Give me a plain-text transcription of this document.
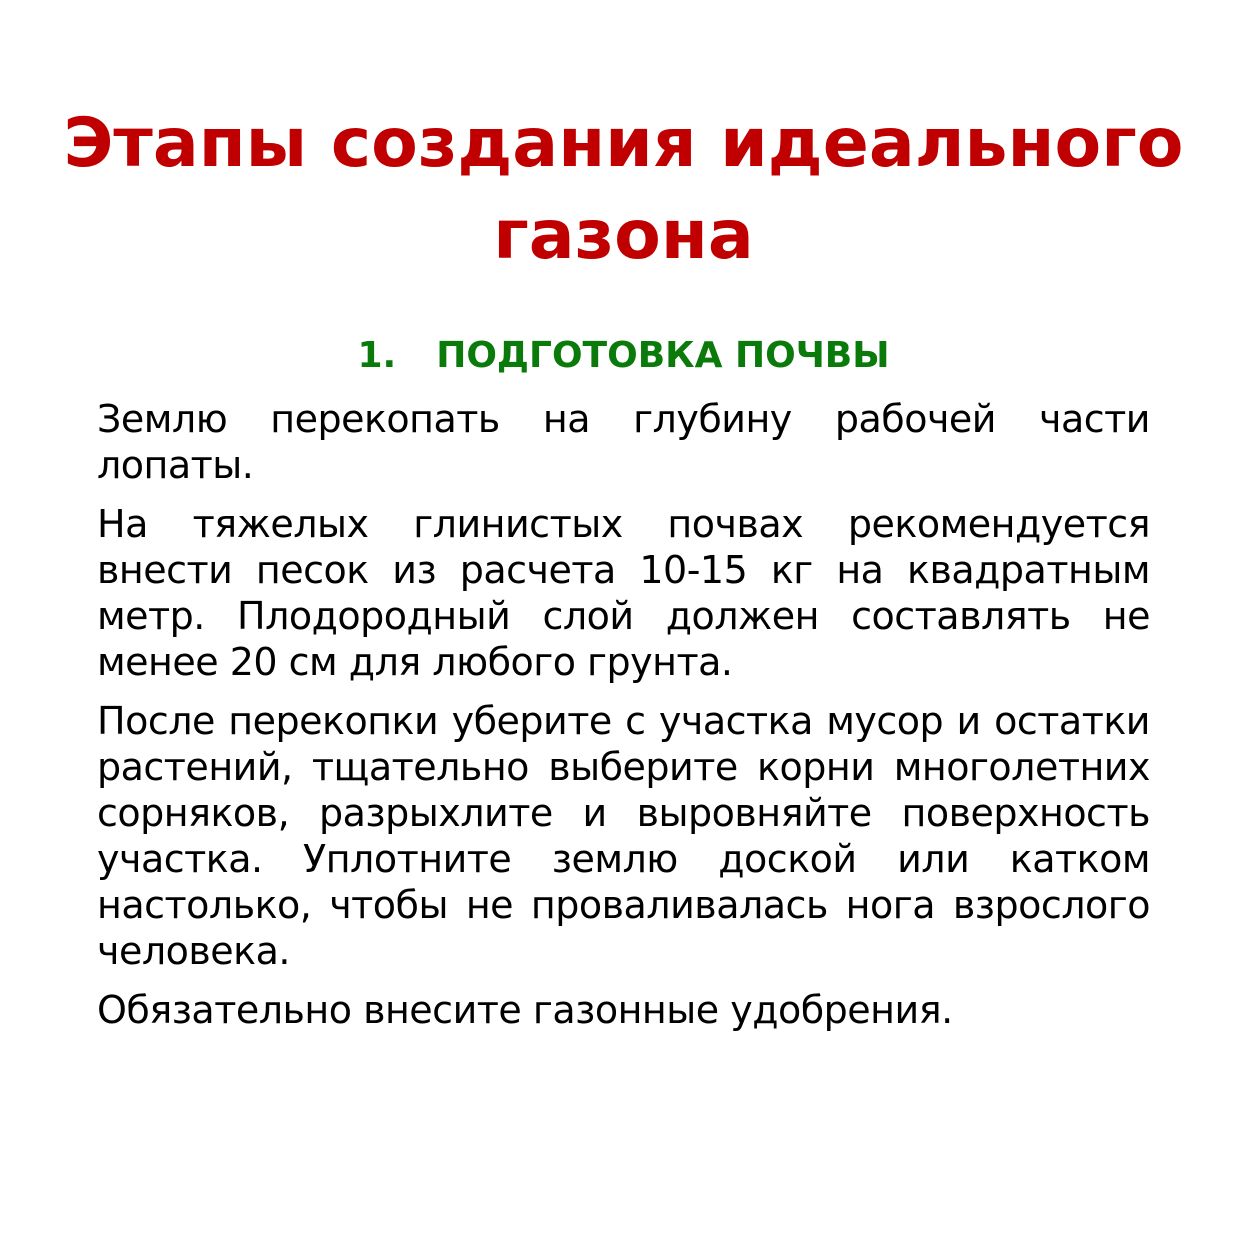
Этапы создания идеального газона
1. ПОДГОТОВКА ПОЧВЫ

Землю перекопать на глубину рабочей части лопаты.

На тяжелых глинистых почвах рекомендуется внести песок из расчета 10-15 кг на квадратным метр. Плодородный слой должен составлять не менее 20 см для любого грунта.

После перекопки уберите с участка мусор и остатки растений, тщательно выберите корни многолетних сорняков, разрыхлите и выровняйте поверхность участка. Уплотните землю доской или катком настолько, чтобы не проваливалась нога взрослого человека.

Обязательно внесите газонные удобрения.
